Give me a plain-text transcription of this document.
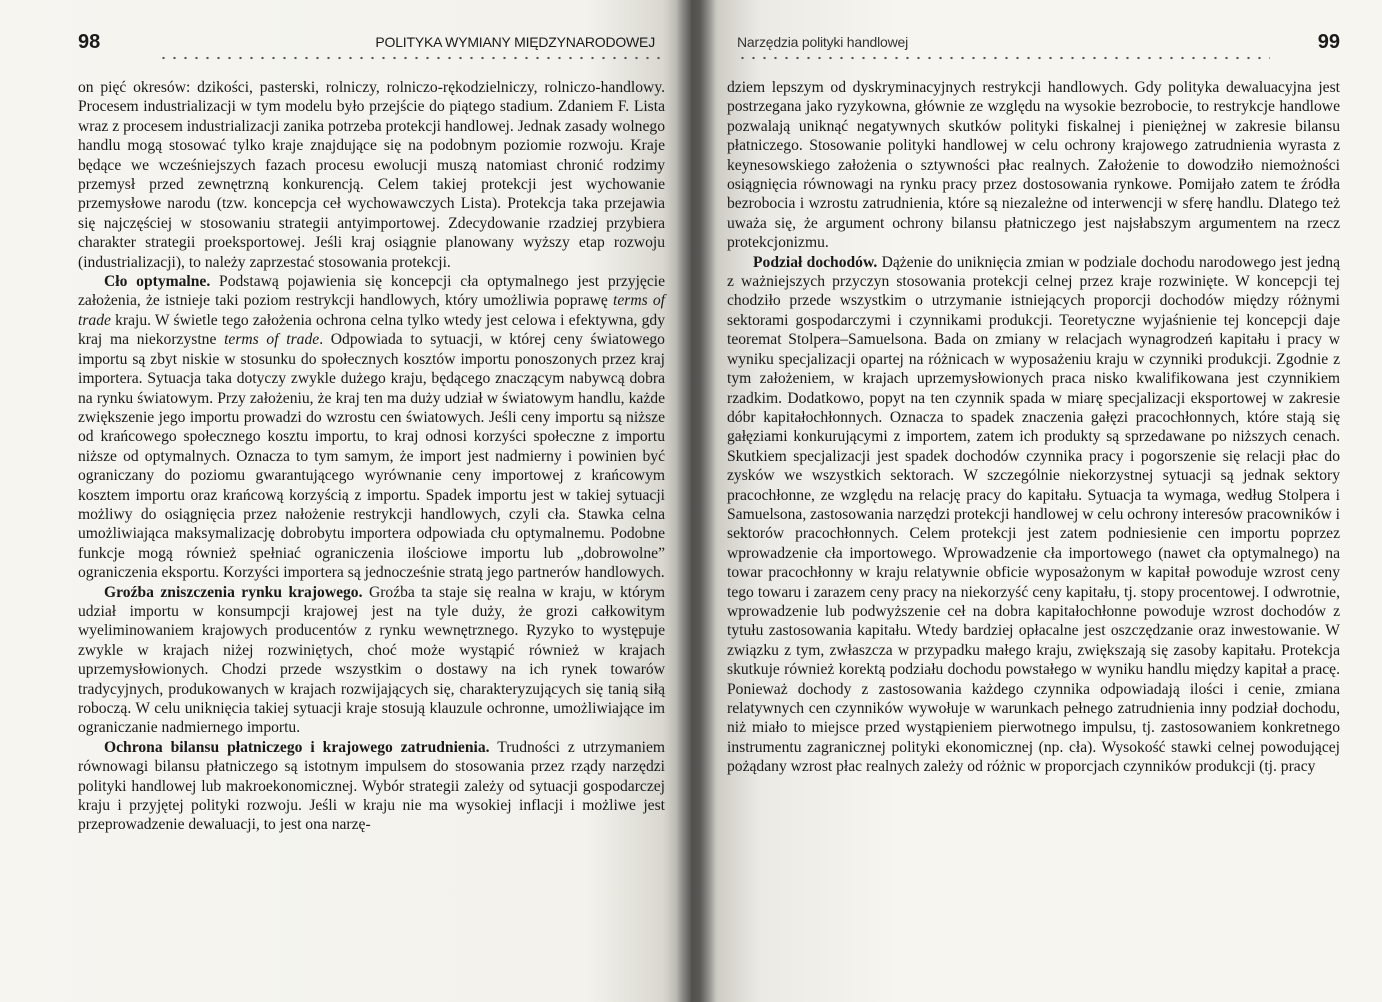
98	POLITYKA WYMIANY MIĘDZYNARODOWEJ

on pięć okresów: dzikości, pasterski, rolniczy, rolniczo-rękodzielniczy, rolniczo-handlowy. Procesem industrializacji w tym modelu było przejście do piątego stadium. Zdaniem F. Lista wraz z procesem industrializacji zanika potrzeba protekcji handlowej. Jednak zasady wolnego handlu mogą stosować tylko kraje znajdujące się na podobnym poziomie rozwoju. Kraje będące we wcześniejszych fazach procesu ewolucji muszą natomiast chronić rodzimy przemysł przed zewnętrzną konkurencją. Celem takiej protekcji jest wychowanie przemysłowe narodu (tzw. koncepcja ceł wychowawczych Lista). Protekcja taka przejawia się najczęściej w stosowaniu strategii antyimportowej. Zdecydowanie rzadziej przybiera charakter strategii proeksportowej. Jeśli kraj osiągnie planowany wyższy etap rozwoju (industrializacji), to należy zaprzestać stosowania protekcji.

Cło optymalne. Podstawą pojawienia się koncepcji cła optymalnego jest przyjęcie założenia, że istnieje taki poziom restrykcji handlowych, który umożliwia poprawę terms of trade kraju. W świetle tego założenia ochrona celna tylko wtedy jest celowa i efektywna, gdy kraj ma niekorzystne terms of trade. Odpowiada to sytuacji, w której ceny światowego importu są zbyt niskie w stosunku do społecznych kosztów importu ponoszonych przez kraj importera. Sytuacja taka dotyczy zwykle dużego kraju, będącego znaczącym nabywcą dobra na rynku światowym. Przy założeniu, że kraj ten ma duży udział w światowym handlu, każde zwiększenie jego importu prowadzi do wzrostu cen światowych. Jeśli ceny importu są niższe od krańcowego społecznego kosztu importu, to kraj odnosi korzyści społeczne z importu niższe od optymalnych. Oznacza to tym samym, że import jest nadmierny i powinien być ograniczany do poziomu gwarantującego wyrównanie ceny importowej z krańcowym kosztem importu oraz krańcową korzyścią z importu. Spadek importu jest w takiej sytuacji możliwy do osiągnięcia przez nałożenie restrykcji handlowych, czyli cła. Stawka celna umożliwiająca maksymalizację dobrobytu importera odpowiada cłu optymalnemu. Podobne funkcje mogą również spełniać ograniczenia ilościowe importu lub „dobrowolne” ograniczenia eksportu. Korzyści importera są jednocześnie stratą jego partnerów handlowych.

Groźba zniszczenia rynku krajowego. Groźba ta staje się realna w kraju, w którym udział importu w konsumpcji krajowej jest na tyle duży, że grozi całkowitym wyeliminowaniem krajowych producentów z rynku wewnętrznego. Ryzyko to występuje zwykle w krajach niżej rozwiniętych, choć może wystąpić również w krajach uprzemysłowionych. Chodzi przede wszystkim o dostawy na ich rynek towarów tradycyjnych, produkowanych w krajach rozwijających się, charakteryzujących się tanią siłą roboczą. W celu uniknięcia takiej sytuacji kraje stosują klauzule ochronne, umożliwiające im ograniczanie nadmiernego importu.

Ochrona bilansu płatniczego i krajowego zatrudnienia. Trudności z utrzymaniem równowagi bilansu płatniczego są istotnym impulsem do stosowania przez rządy narzędzi polityki handlowej lub makroekonomicznej. Wybór strategii zależy od sytuacji gospodarczej kraju i przyjętej polityki rozwoju. Jeśli w kraju nie ma wysokiej inflacji i możliwe jest przeprowadzenie dewaluacji, to jest ona narzę-

Narzędzia polityki handlowej	99

dziem lepszym od dyskryminacyjnych restrykcji handlowych. Gdy polityka dewaluacyjna jest postrzegana jako ryzykowna, głównie ze względu na wysokie bezrobocie, to restrykcje handlowe pozwalają uniknąć negatywnych skutków polityki fiskalnej i pieniężnej w zakresie bilansu płatniczego. Stosowanie polityki handlowej w celu ochrony krajowego zatrudnienia wyrasta z keynesowskiego założenia o sztywności płac realnych. Założenie to dowodziło niemożności osiągnięcia równowagi na rynku pracy przez dostosowania rynkowe. Pomijało zatem te źródła bezrobocia i wzrostu zatrudnienia, które są niezależne od interwencji w sferę handlu. Dlatego też uważa się, że argument ochrony bilansu płatniczego jest najsłabszym argumentem na rzecz protekcjonizmu.

Podział dochodów. Dążenie do uniknięcia zmian w podziale dochodu narodowego jest jedną z ważniejszych przyczyn stosowania protekcji celnej przez kraje rozwinięte. W koncepcji tej chodziło przede wszystkim o utrzymanie istniejących proporcji dochodów między różnymi sektorami gospodarczymi i czynnikami produkcji. Teoretyczne wyjaśnienie tej koncepcji daje teoremat Stolpera–Samuelsona. Bada on zmiany w relacjach wynagrodzeń kapitału i pracy w wyniku specjalizacji opartej na różnicach w wyposażeniu kraju w czynniki produkcji. Zgodnie z tym założeniem, w krajach uprzemysłowionych praca nisko kwalifikowana jest czynnikiem rzadkim. Dodatkowo, popyt na ten czynnik spada w miarę specjalizacji eksportowej w zakresie dóbr kapitałochłonnych. Oznacza to spadek znaczenia gałęzi pracochłonnych, które stają się gałęziami konkurującymi z importem, zatem ich produkty są sprzedawane po niższych cenach. Skutkiem specjalizacji jest spadek dochodów czynnika pracy i pogorszenie się relacji płac do zysków we wszystkich sektorach. W szczególnie niekorzystnej sytuacji są jednak sektory pracochłonne, ze względu na relację pracy do kapitału. Sytuacja ta wymaga, według Stolpera i Samuelsona, zastosowania narzędzi protekcji handlowej w celu ochrony interesów pracowników i sektorów pracochłonnych. Celem protekcji jest zatem podniesienie cen importu poprzez wprowadzenie cła importowego. Wprowadzenie cła importowego (nawet cła optymalnego) na towar pracochłonny w kraju relatywnie obficie wyposażonym w kapitał powoduje wzrost ceny tego towaru i zarazem ceny pracy na niekorzyść ceny kapitału, tj. stopy procentowej. I odwrotnie, wprowadzenie lub podwyższenie ceł na dobra kapitałochłonne powoduje wzrost dochodów z tytułu zastosowania kapitału. Wtedy bardziej opłacalne jest oszczędzanie oraz inwestowanie. W związku z tym, zwłaszcza w przypadku małego kraju, zwiększają się zasoby kapitału. Protekcja skutkuje również korektą podziału dochodu powstałego w wyniku handlu między kapitał a pracę. Ponieważ dochody z zastosowania każdego czynnika odpowiadają ilości i cenie, zmiana relatywnych cen czynników wywołuje w warunkach pełnego zatrudnienia inny podział dochodu, niż miało to miejsce przed wystąpieniem pierwotnego impulsu, tj. zastosowaniem konkretnego instrumentu zagranicznej polityki ekonomicznej (np. cła). Wysokość stawki celnej powodującej pożądany wzrost płac realnych zależy od różnic w proporcjach czynników produkcji (tj. pracy
